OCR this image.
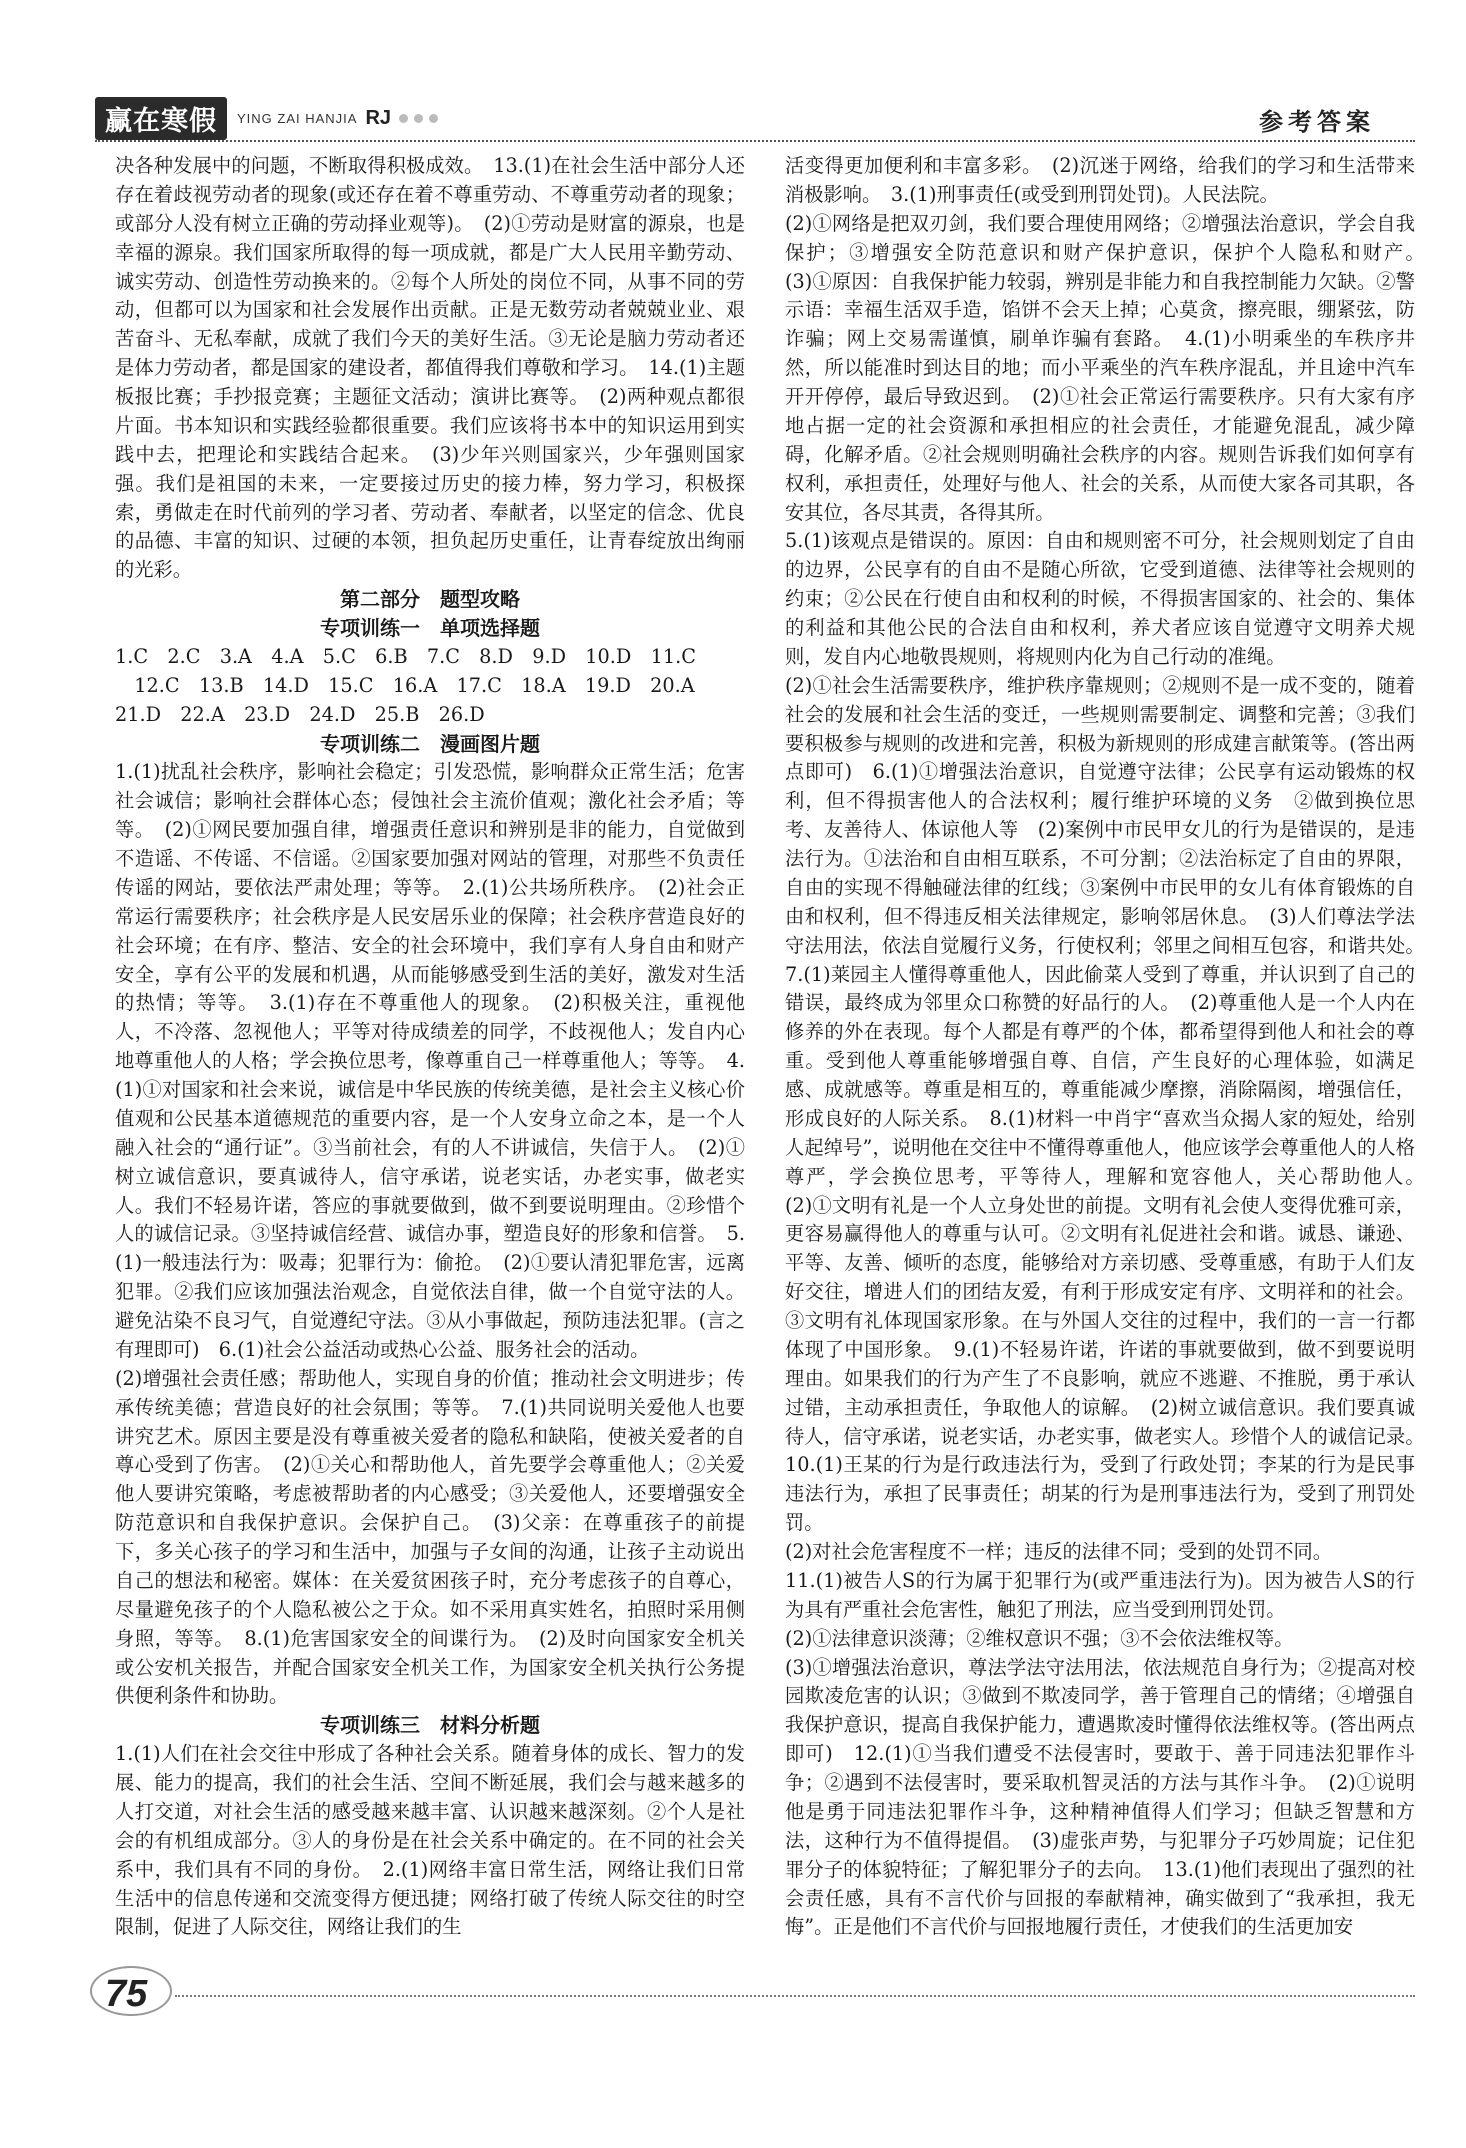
赢在寒假	YING ZAI HANJIA RJ	参考答案

决各种发展中的问题，不断取得积极成效。　13.(1)在社会生活中部分人还存在着歧视劳动者的现象(或还存在着不尊重劳动、不尊重劳动者的现象；或部分人没有树立正确的劳动择业观等)。　(2)①劳动是财富的源泉，也是幸福的源泉。我们国家所取得的每一项成就，都是广大人民用辛勤劳动、诚实劳动、创造性劳动换来的。②每个人所处的岗位不同，从事不同的劳动，但都可以为国家和社会发展作出贡献。正是无数劳动者兢兢业业、艰苦奋斗、无私奉献，成就了我们今天的美好生活。③无论是脑力劳动者还是体力劳动者，都是国家的建设者，都值得我们尊敬和学习。　14.(1)主题板报比赛；手抄报竞赛；主题征文活动；演讲比赛等。　(2)两种观点都很片面。书本知识和实践经验都很重要。我们应该将书本中的知识运用到实践中去，把理论和实践结合起来。　(3)少年兴则国家兴，少年强则国家强。我们是祖国的未来，一定要接过历史的接力棒，努力学习，积极探索，勇做走在时代前列的学习者、劳动者、奉献者，以坚定的信念、优良的品德、丰富的知识、过硬的本领，担负起历史重任，让青春绽放出绚丽的光彩。

第二部分　题型攻略

专项训练一　单项选择题

1.C　2.C　3.A　4.A　5.C　6.B　7.C　8.D　9.D　10.D　11.C

　12.C　13.B　14.D　15.C　16.A　17.C　18.A　19.D　20.A

21.D　22.A　23.D　24.D　25.B　26.D

专项训练二　漫画图片题

1.(1)扰乱社会秩序，影响社会稳定；引发恐慌，影响群众正常生活；危害社会诚信；影响社会群体心态；侵蚀社会主流价值观；激化社会矛盾；等等。　(2)①网民要加强自律，增强责任意识和辨别是非的能力，自觉做到不造谣、不传谣、不信谣。②国家要加强对网站的管理，对那些不负责任传谣的网站，要依法严肃处理；等等。　2.(1)公共场所秩序。　(2)社会正常运行需要秩序；社会秩序是人民安居乐业的保障；社会秩序营造良好的社会环境；在有序、整洁、安全的社会环境中，我们享有人身自由和财产安全，享有公平的发展和机遇，从而能够感受到生活的美好，激发对生活的热情；等等。　3.(1)存在不尊重他人的现象。　(2)积极关注，重视他人，不冷落、忽视他人；平等对待成绩差的同学，不歧视他人；发自内心地尊重他人的人格；学会换位思考，像尊重自己一样尊重他人；等等。　4.(1)①对国家和社会来说，诚信是中华民族的传统美德，是社会主义核心价值观和公民基本道德规范的重要内容，是一个人安身立命之本，是一个人融入社会的“通行证”。③当前社会，有的人不讲诚信，失信于人。　(2)①树立诚信意识，要真诚待人，信守承诺，说老实话，办老实事，做老实人。我们不轻易许诺，答应的事就要做到，做不到要说明理由。②珍惜个人的诚信记录。③坚持诚信经营、诚信办事，塑造良好的形象和信誉。　5.(1)一般违法行为：吸毒；犯罪行为：偷抢。　(2)①要认清犯罪危害，远离犯罪。②我们应该加强法治观念，自觉依法自律，做一个自觉守法的人。避免沾染不良习气，自觉遵纪守法。③从小事做起，预防违法犯罪。(言之有理即可)　6.(1)社会公益活动或热心公益、服务社会的活动。

(2)增强社会责任感；帮助他人，实现自身的价值；推动社会文明进步；传承传统美德；营造良好的社会氛围；等等。　7.(1)共同说明关爱他人也要讲究艺术。原因主要是没有尊重被关爱者的隐私和缺陷，使被关爱者的自尊心受到了伤害。　(2)①关心和帮助他人，首先要学会尊重他人；②关爱他人要讲究策略，考虑被帮助者的内心感受；③关爱他人，还要增强安全防范意识和自我保护意识。会保护自己。　(3)父亲：在尊重孩子的前提下，多关心孩子的学习和生活中，加强与子女间的沟通，让孩子主动说出自己的想法和秘密。媒体：在关爱贫困孩子时，充分考虑孩子的自尊心，尽量避免孩子的个人隐私被公之于众。如不采用真实姓名，拍照时采用侧身照，等等。　8.(1)危害国家安全的间谍行为。　(2)及时向国家安全机关或公安机关报告，并配合国家安全机关工作，为国家安全机关执行公务提供便利条件和协助。

专项训练三　材料分析题

1.(1)人们在社会交往中形成了各种社会关系。随着身体的成长、智力的发展、能力的提高，我们的社会生活、空间不断延展，我们会与越来越多的人打交道，对社会生活的感受越来越丰富、认识越来越深刻。②个人是社会的有机组成部分。③人的身份是在社会关系中确定的。在不同的社会关系中，我们具有不同的身份。　2.(1)网络丰富日常生活，网络让我们日常生活中的信息传递和交流变得方便迅捷；网络打破了传统人际交往的时空限制，促进了人际交往，网络让我们的生

活变得更加便利和丰富多彩。　(2)沉迷于网络，给我们的学习和生活带来消极影响。　3.(1)刑事责任(或受到刑罚处罚)。人民法院。

(2)①网络是把双刃剑，我们要合理使用网络；②增强法治意识，学会自我保护；③增强安全防范意识和财产保护意识，保护个人隐私和财产。　(3)①原因：自我保护能力较弱，辨别是非能力和自我控制能力欠缺。②警示语：幸福生活双手造，馅饼不会天上掉；心莫贪，擦亮眼，绷紧弦，防诈骗；网上交易需谨慎，刷单诈骗有套路。　4.(1)小明乘坐的车秩序井然，所以能准时到达目的地；而小平乘坐的汽车秩序混乱，并且途中汽车开开停停，最后导致迟到。　(2)①社会正常运行需要秩序。只有大家有序地占据一定的社会资源和承担相应的社会责任，才能避免混乱，减少障碍，化解矛盾。②社会规则明确社会秩序的内容。规则告诉我们如何享有权利，承担责任，处理好与他人、社会的关系，从而使大家各司其职，各安其位，各尽其责，各得其所。

5.(1)该观点是错误的。原因：自由和规则密不可分，社会规则划定了自由的边界，公民享有的自由不是随心所欲，它受到道德、法律等社会规则的约束；②公民在行使自由和权利的时候，不得损害国家的、社会的、集体的利益和其他公民的合法自由和权利，养犬者应该自觉遵守文明养犬规则，发自内心地敬畏规则，将规则内化为自己行动的准绳。

(2)①社会生活需要秩序，维护秩序靠规则；②规则不是一成不变的，随着社会的发展和社会生活的变迁，一些规则需要制定、调整和完善；③我们要积极参与规则的改进和完善，积极为新规则的形成建言献策等。(答出两点即可)　6.(1)①增强法治意识，自觉遵守法律；公民享有运动锻炼的权利，但不得损害他人的合法权利；履行维护环境的义务　②做到换位思考、友善待人、体谅他人等　(2)案例中市民甲女儿的行为是错误的，是违法行为。①法治和自由相互联系，不可分割；②法治标定了自由的界限，自由的实现不得触碰法律的红线；③案例中市民甲的女儿有体育锻炼的自由和权利，但不得违反相关法律规定，影响邻居休息。　(3)人们尊法学法守法用法，依法自觉履行义务，行使权利；邻里之间相互包容，和谐共处。　7.(1)莱园主人懂得尊重他人，因此偷菜人受到了尊重，并认识到了自己的错误，最终成为邻里众口称赞的好品行的人。　(2)尊重他人是一个人内在修养的外在表现。每个人都是有尊严的个体，都希望得到他人和社会的尊重。受到他人尊重能够增强自尊、自信，产生良好的心理体验，如满足感、成就感等。尊重是相互的，尊重能减少摩擦，消除隔阂，增强信任，形成良好的人际关系。　8.(1)材料一中肖宇“喜欢当众揭人家的短处，给别人起绰号”，说明他在交往中不懂得尊重他人，他应该学会尊重他人的人格尊严，学会换位思考，平等待人，理解和宽容他人，关心帮助他人。　(2)①文明有礼是一个人立身处世的前提。文明有礼会使人变得优雅可亲，更容易赢得他人的尊重与认可。②文明有礼促进社会和谐。诚恳、谦逊、平等、友善、倾听的态度，能够给对方亲切感、受尊重感，有助于人们友好交往，增进人们的团结友爱，有利于形成安定有序、文明祥和的社会。③文明有礼体现国家形象。在与外国人交往的过程中，我们的一言一行都体现了中国形象。　9.(1)不轻易许诺，许诺的事就要做到，做不到要说明理由。如果我们的行为产生了不良影响，就应不逃避、不推脱，勇于承认过错，主动承担责任，争取他人的谅解。　(2)树立诚信意识。我们要真诚待人，信守承诺，说老实话，办老实事，做老实人。珍惜个人的诚信记录。　10.(1)王某的行为是行政违法行为，受到了行政处罚；李某的行为是民事违法行为，承担了民事责任；胡某的行为是刑事违法行为，受到了刑罚处罚。

(2)对社会危害程度不一样；违反的法律不同；受到的处罚不同。

11.(1)被告人S的行为属于犯罪行为(或严重违法行为)。因为被告人S的行为具有严重社会危害性，触犯了刑法，应当受到刑罚处罚。

(2)①法律意识淡薄；②维权意识不强；③不会依法维权等。

(3)①增强法治意识，尊法学法守法用法，依法规范自身行为；②提高对校园欺凌危害的认识；③做到不欺凌同学，善于管理自己的情绪；④增强自我保护意识，提高自我保护能力，遭遇欺凌时懂得依法维权等。(答出两点即可)　12.(1)①当我们遭受不法侵害时，要敢于、善于同违法犯罪作斗争；②遇到不法侵害时，要采取机智灵活的方法与其作斗争。　(2)①说明他是勇于同违法犯罪作斗争，这种精神值得人们学习；但缺乏智慧和方法，这种行为不值得提倡。　(3)虚张声势，与犯罪分子巧妙周旋；记住犯罪分子的体貌特征；了解犯罪分子的去向。　13.(1)他们表现出了强烈的社会责任感，具有不言代价与回报的奉献精神，确实做到了“我承担，我无悔”。正是他们不言代价与回报地履行责任，才使我们的生活更加安

75
